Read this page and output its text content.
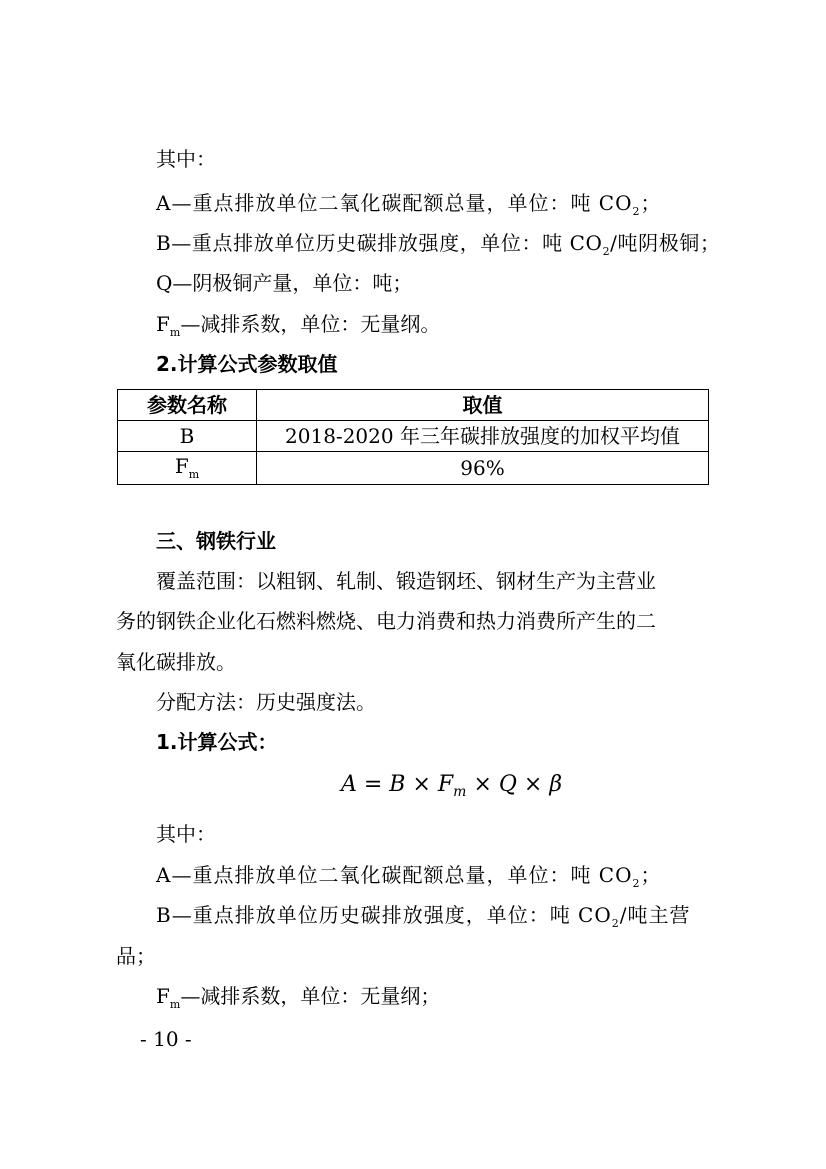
其中：
A—重点排放单位二氧化碳配额总量，单位：吨 $CO_2$；
B—重点排放单位历史碳排放强度，单位：吨 $CO_2/$吨阴极铜；
Q—阴极铜产量，单位：吨；
$F_m—$减排系数，单位：无量纲。
2.计算公式参数取值
参数名称	取值
B	2018-2020 年三年碳排放强度的加权平均值
$F_m$	96%
三、钢铁行业
覆盖范围：以粗钢、轧制、锻造钢坯、钢材生产为主营业
务的钢铁企业化石燃料燃烧、电力消费和热力消费所产生的二
氧化碳排放。
分配方法：历史强度法。
1.计算公式：
$A = B \times F_m \times Q \times \beta$
其中：
A—重点排放单位二氧化碳配额总量，单位：吨 $CO_2$；
B—重点排放单位历史碳排放强度，单位：吨 $CO_2/$吨主营
品；
$F_m—$减排系数，单位：无量纲；
- 10 -
